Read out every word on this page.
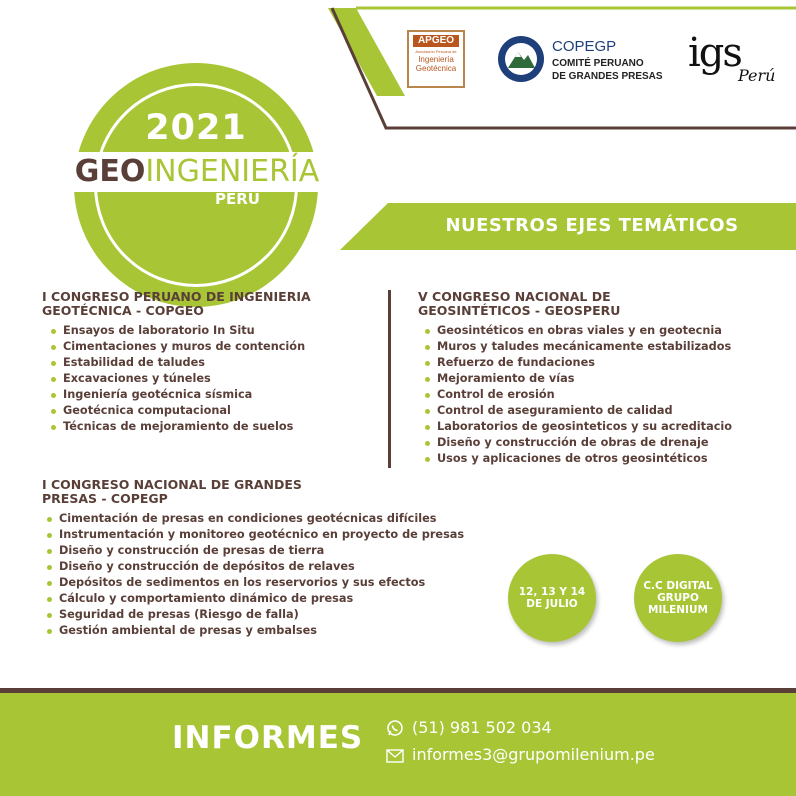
2021
GEOINGENIERÍA
PERÚ
APGEO
Asociación Peruana de
Ingeniería
Geotécnica
COPEGP
COMITÉ PERUANO
DE GRANDES PRESAS
igs
Perú
NUESTROS EJES TEMÁTICOS
I CONGRESO PERUANO DE INGENIERIA
GEOTÉCNICA - COPGEO
Ensayos de laboratorio In Situ
Cimentaciones y muros de contención
Estabilidad de taludes
Excavaciones y túneles
Ingeniería geotécnica sísmica
Geotécnica computacional
Técnicas de mejoramiento de suelos
V CONGRESO NACIONAL DE
GEOSINTÉTICOS - GEOSPERU
Geosintéticos en obras viales y en geotecnia
Muros y taludes mecánicamente estabilizados
Refuerzo de fundaciones
Mejoramiento de vías
Control de erosión
Control de aseguramiento de calidad
Laboratorios de geosinteticos y su acreditacio
Diseño y construcción de obras de drenaje
Usos y aplicaciones de otros geosintéticos
I CONGRESO NACIONAL DE GRANDES
PRESAS - COPEGP
Cimentación de presas en condiciones geotécnicas difíciles
Instrumentación y monitoreo geotécnico en proyecto de presas
Diseño y construcción de presas de tierra
Diseño y construcción de depósitos de relaves
Depósitos de sedimentos en los reservorios y sus efectos
Cálculo y comportamiento dinámico de presas
Seguridad de presas (Riesgo de falla)
Gestión ambiental de presas y embalses
12, 13 Y 14
DE JULIO
C.C DIGITAL
GRUPO
MILENIUM
INFORMES	(51) 981 502 034
informes3@grupomilenium.pe
